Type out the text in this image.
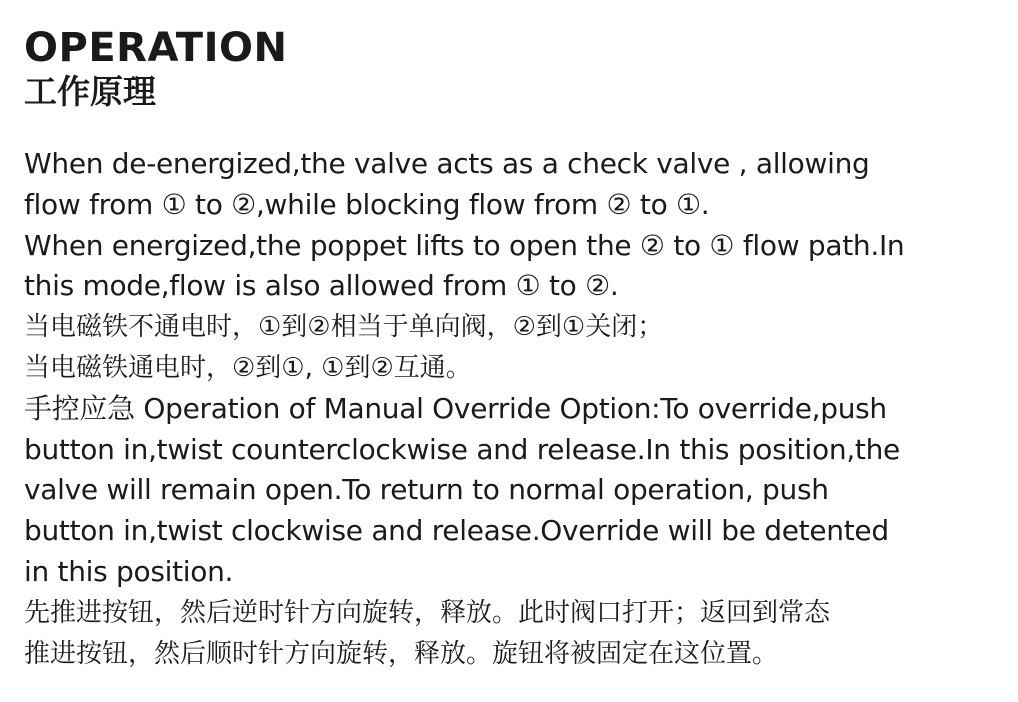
OPERATION
工作原理
When de-energized,the valve acts as a check valve , allowing
flow from ① to ②,while blocking flow from ② to ①.
When energized,the poppet lifts to open the ② to ① flow path.In
this mode,flow is also allowed from ① to ②.
当电磁铁不通电时，①到②相当于单向阀，②到①关闭；
当电磁铁通电时，②到①, ①到②互通。
手控应急 Operation of Manual Override Option:To override,push
button in,twist counterclockwise and release.In this position,the
valve will remain open.To return to normal operation, push
button in,twist clockwise and release.Override will be detented
in this position.
先推进按钮，然后逆时针方向旋转，释放。此时阀口打开；返回到常态
推进按钮，然后顺时针方向旋转，释放。旋钮将被固定在这位置。
